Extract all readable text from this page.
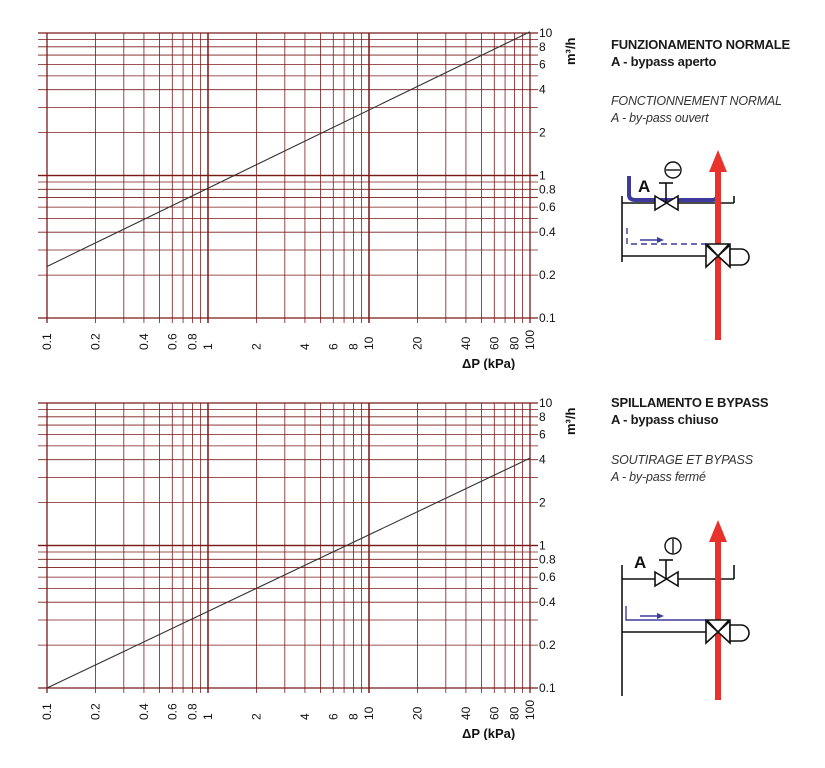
0.1	0.2	0.4 0.6 0.8 1	2	4 6 8 10	20	40 60 80 100
0.1
0.2
0.4
0.6
0.8
1
2
4
6
8
10
ΔP (kPa)
m³/h	FUNZIONAMENTO NORMALE

A - bypass aperto

FONCTIONNEMENT NORMAL

A - by-pass ouvert

A
0.1	0.2	0.4 0.6 0.8 1	2	4 6 8 10	20	40 60 80 100
0.1
0.2
0.4
0.6
0.8
1
2
4
6
8
10
ΔP (kPa)
m³/h

SPILLAMENTO E BYPASS

A - bypass chiuso

SOUTIRAGE ET BYPASS

A - by-pass fermé

A
